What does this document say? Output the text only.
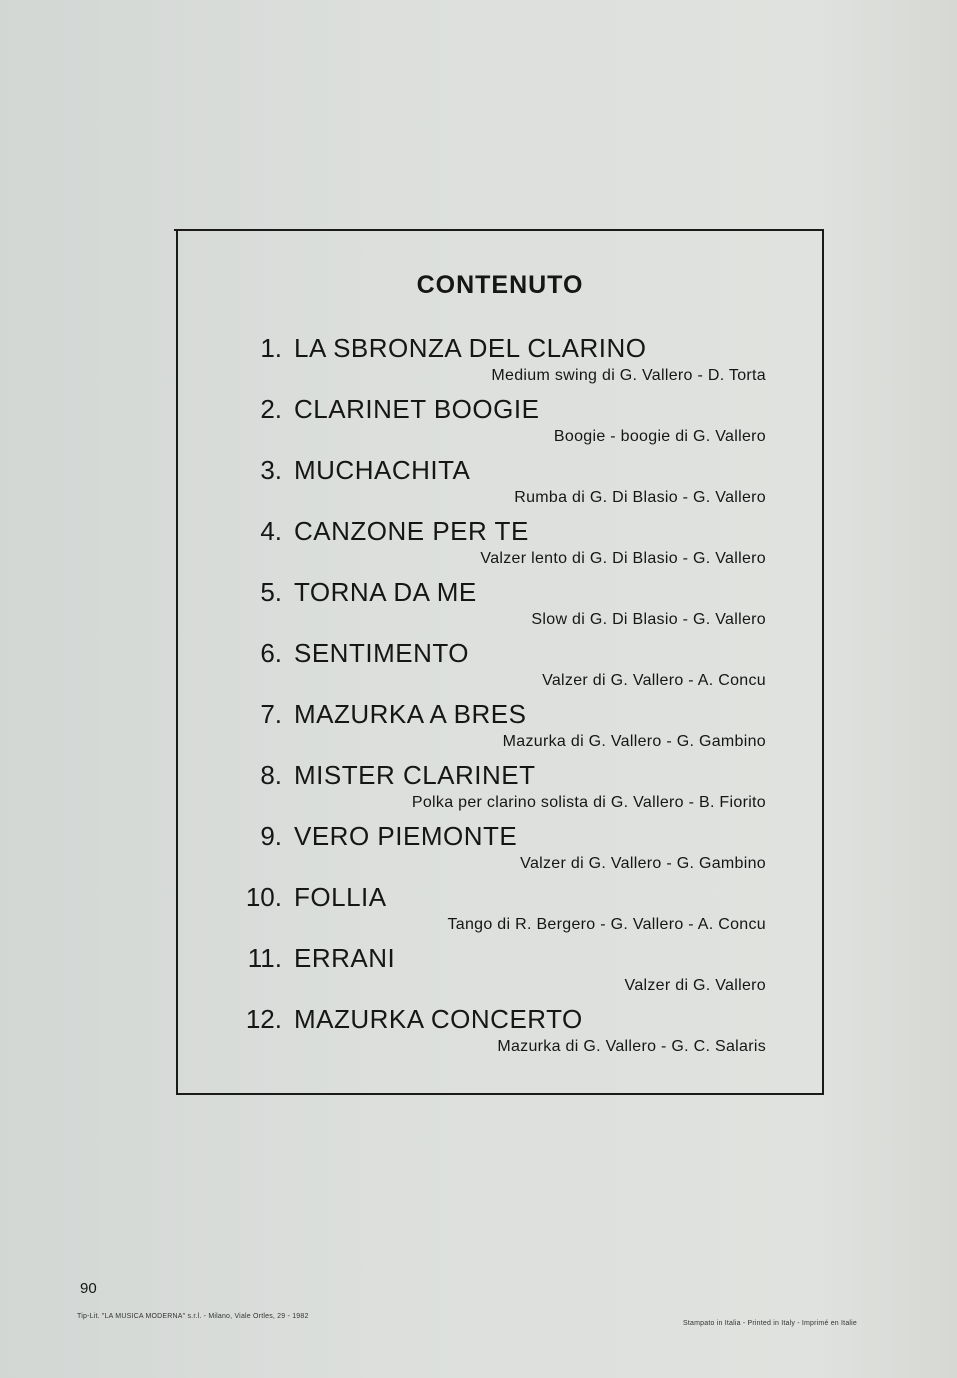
CONTENUTO
1. LA SBRONZA DEL CLARINO
Medium swing di G. Vallero - D. Torta
2. CLARINET BOOGIE
Boogie - boogie di G. Vallero
3. MUCHACHITA
Rumba di G. Di Blasio - G. Vallero
4. CANZONE PER TE
Valzer lento di G. Di Blasio - G. Vallero
5. TORNA DA ME
Slow di G. Di Blasio - G. Vallero
6. SENTIMENTO
Valzer di G. Vallero - A. Concu
7. MAZURKA A BRES
Mazurka di G. Vallero - G. Gambino
8. MISTER CLARINET
Polka per clarino solista di G. Vallero - B. Fiorito
9. VERO PIEMONTE
Valzer di G. Vallero - G. Gambino
10. FOLLIA
Tango di R. Bergero - G. Vallero - A. Concu
11. ERRANI
Valzer di G. Vallero
12. MAZURKA CONCERTO
Mazurka di G. Vallero - G. C. Salaris
90
Tip-Lit. "LA MUSICA MODERNA" s.r.l. - Milano, Viale Ortles, 29 - 1982
Stampato in Italia - Printed in Italy - Imprimé en Italie
